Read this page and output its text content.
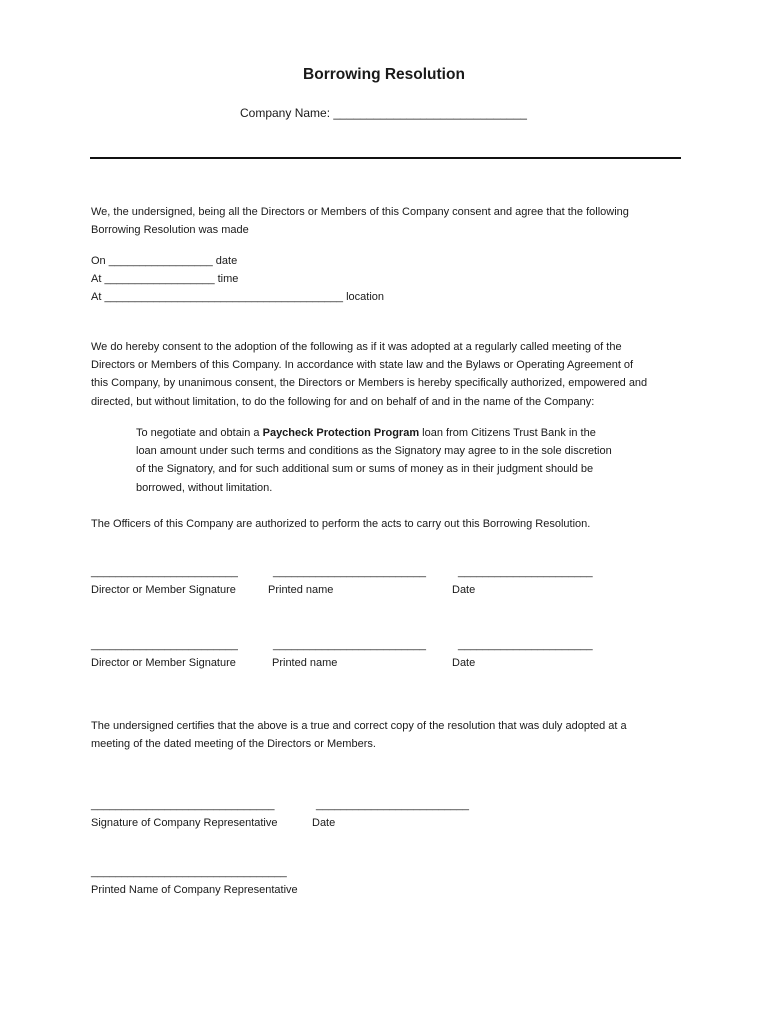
Borrowing Resolution
Company Name: _____________________________
We, the undersigned, being all the Directors or Members of this Company consent and agree that the following
Borrowing Resolution was made
On _________________ date
At __________________ time
At _______________________________________ location
We do hereby consent to the adoption of the following as if it was adopted at a regularly called meeting of the
Directors or Members of this Company. In accordance with state law and the Bylaws or Operating Agreement of
this Company, by unanimous consent, the Directors or Members is hereby specifically authorized, empowered and
directed, but without limitation, to do the following for and on behalf of and in the name of the Company:
To negotiate and obtain a Paycheck Protection Program loan from Citizens Trust Bank in the
loan amount under such terms and conditions as the Signatory may agree to in the sole discretion
of the Signatory, and for such additional sum or sums of money as in their judgment should be
borrowed, without limitation.
The Officers of this Company are authorized to perform the acts to carry out this Borrowing Resolution.
________________________	_________________________	______________________
Director or Member Signature	Printed name	Date
________________________	_________________________	______________________
Director or Member Signature	Printed name	Date
The undersigned certifies that the above is a true and correct copy of the resolution that was duly adopted at a
meeting of the dated meeting of the Directors or Members.
______________________________	_________________________
Signature of Company Representative	Date
________________________________
Printed Name of Company Representative
